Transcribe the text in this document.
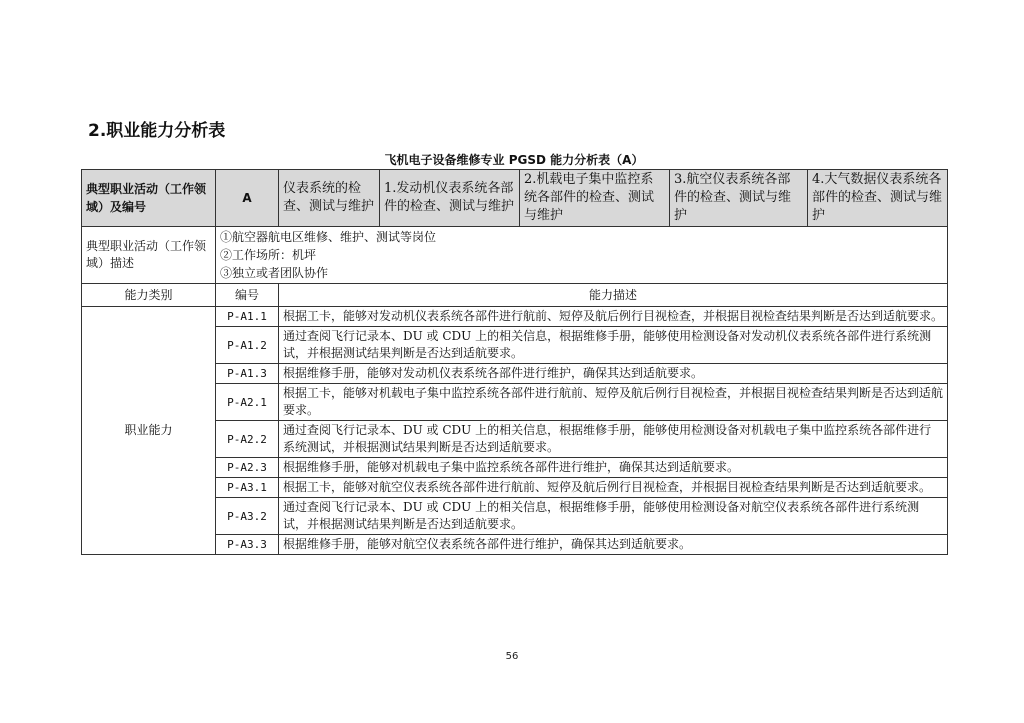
2.职业能力分析表
飞机电子设备维修专业 PGSD 能力分析表（A）
典型职业活动（工作领域）及编号	A	仪表系统的检查、测试与维护	1.发动机仪表系统各部件的检查、测试与维护	2.机载电子集中监控系统各部件的检查、测试与维护	3.航空仪表系统各部件的检查、测试与维护	4.大气数据仪表系统各部件的检查、测试与维护
典型职业活动（工作领域）描述	①航空器航电区维修、维护、测试等岗位
②工作场所：机坪
③独立或者团队协作					

能力类别	编号	能力描述				
职业能力	P-A1.1	根据工卡，能够对发动机仪表系统各部件进行航前、短停及航后例行目视检查，并根据目视检查结果判断是否达到适航要求。				
	P-A1.2	通过查阅飞行记录本、DU 或 CDU 上的相关信息，根据维修手册，能够使用检测设备对发动机仪表系统各部件进行系统测试，并根据测试结果判断是否达到适航要求。				
	P-A1.3	根据维修手册，能够对发动机仪表系统各部件进行维护，确保其达到适航要求。				
	P-A2.1	根据工卡，能够对机载电子集中监控系统各部件进行航前、短停及航后例行目视检查，并根据目视检查结果判断是否达到适航要求。				
	P-A2.2	通过查阅飞行记录本、DU 或 CDU 上的相关信息，根据维修手册，能够使用检测设备对机载电子集中监控系统各部件进行系统测试，并根据测试结果判断是否达到适航要求。				
	P-A2.3	根据维修手册，能够对机载电子集中监控系统各部件进行维护，确保其达到适航要求。				
	P-A3.1	根据工卡，能够对航空仪表系统各部件进行航前、短停及航后例行目视检查，并根据目视检查结果判断是否达到适航要求。				
	P-A3.2	通过查阅飞行记录本、DU 或 CDU 上的相关信息，根据维修手册，能够使用检测设备对航空仪表系统各部件进行系统测试，并根据测试结果判断是否达到适航要求。				
	P-A3.3	根据维修手册，能够对航空仪表系统各部件进行维护，确保其达到适航要求。				
56
